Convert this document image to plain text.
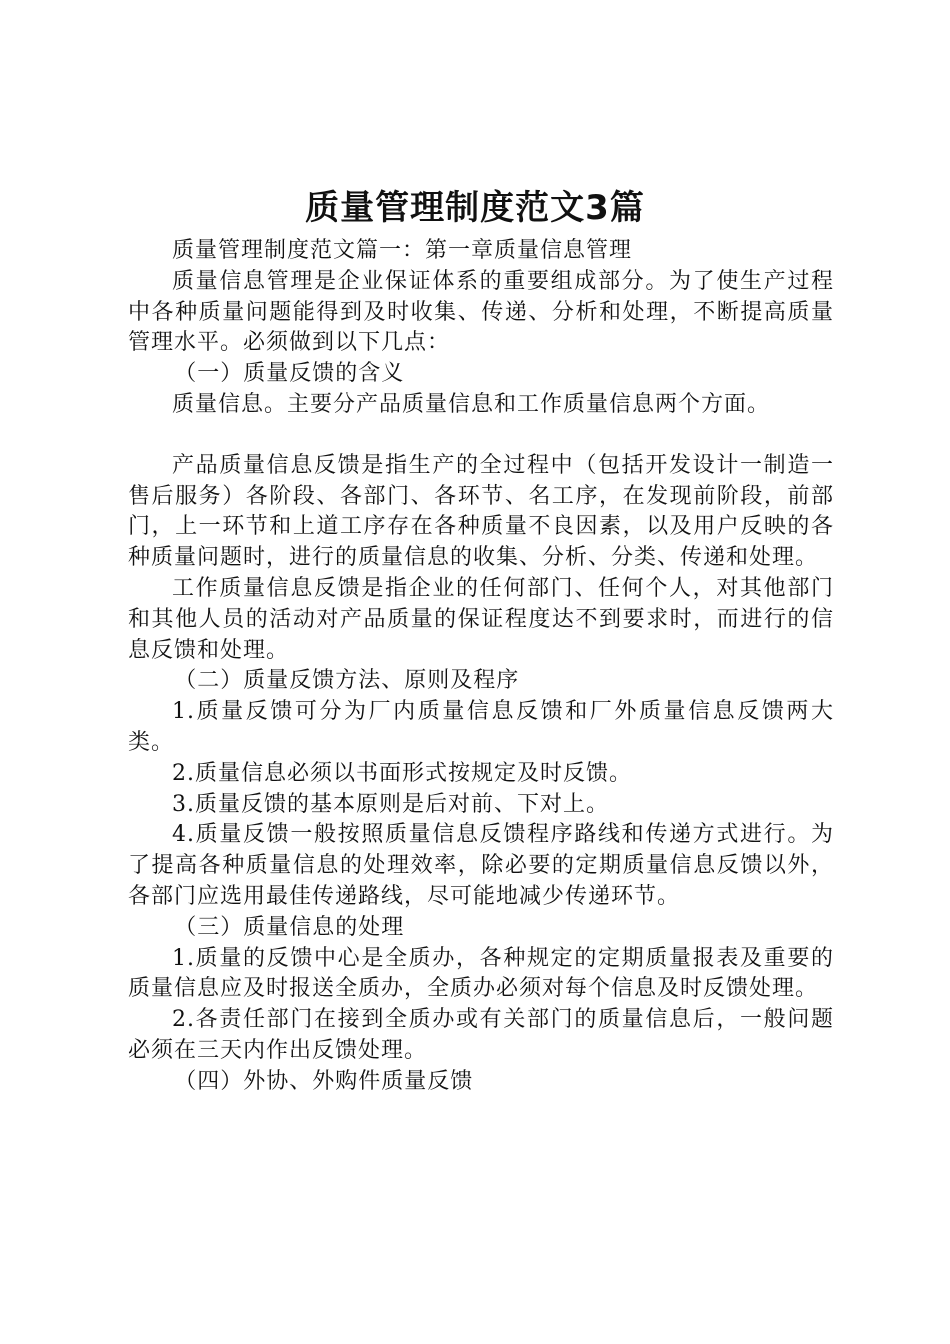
质量管理制度范文3篇

质量管理制度范文篇一：第一章质量信息管理

质量信息管理是企业保证体系的重要组成部分。为了使生产过程中各种质量问题能得到及时收集、传递、分析和处理，不断提高质量管理水平。必须做到以下几点：

（一）质量反馈的含义

质量信息。主要分产品质量信息和工作质量信息两个方面。

产品质量信息反馈是指生产的全过程中（包括开发设计一制造一售后服务）各阶段、各部门、各环节、名工序，在发现前阶段，前部门，上一环节和上道工序存在各种质量不良因素，以及用户反映的各种质量问题时，进行的质量信息的收集、分析、分类、传递和处理。

工作质量信息反馈是指企业的任何部门、任何个人，对其他部门和其他人员的活动对产品质量的保证程度达不到要求时，而进行的信息反馈和处理。

（二）质量反馈方法、原则及程序

1.质量反馈可分为厂内质量信息反馈和厂外质量信息反馈两大类。

2.质量信息必须以书面形式按规定及时反馈。

3.质量反馈的基本原则是后对前、下对上。

4.质量反馈一般按照质量信息反馈程序路线和传递方式进行。为了提高各种质量信息的处理效率，除必要的定期质量信息反馈以外，各部门应选用最佳传递路线，尽可能地减少传递环节。

（三）质量信息的处理

1.质量的反馈中心是全质办，各种规定的定期质量报表及重要的质量信息应及时报送全质办，全质办必须对每个信息及时反馈处理。

2.各责任部门在接到全质办或有关部门的质量信息后，一般问题必须在三天内作出反馈处理。

（四）外协、外购件质量反馈
